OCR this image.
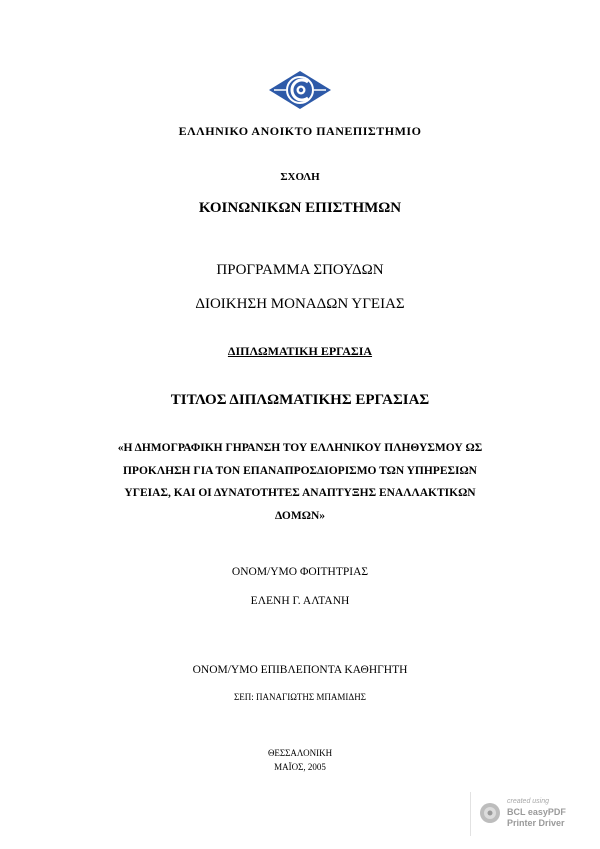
ΕΛΛΗΝΙΚΟ ΑΝΟΙΚΤΟ ΠΑΝΕΠΙΣΤΗΜΙΟ
ΣΧΟΛΗ
ΚΟΙΝΩΝΙΚΩΝ ΕΠΙΣΤΗΜΩΝ
ΠΡΟΓΡΑΜΜΑ ΣΠΟΥΔΩΝ
ΔΙΟΙΚΗΣΗ ΜΟΝΑΔΩΝ ΥΓΕΙΑΣ
ΔΙΠΛΩΜΑΤΙΚΗ ΕΡΓΑΣΙΑ
ΤΙΤΛΟΣ ΔΙΠΛΩΜΑΤΙΚΗΣ ΕΡΓΑΣΙΑΣ
«Η ΔΗΜΟΓΡΑΦΙΚΗ ΓΗΡΑΝΣΗ ΤΟΥ ΕΛΛΗΝΙΚΟΥ ΠΛΗΘΥΣΜΟΥ ΩΣ
ΠΡΟΚΛΗΣΗ ΓΙΑ ΤΟΝ ΕΠΑΝΑΠΡΟΣΔΙΟΡΙΣΜΟ ΤΩΝ ΥΠΗΡΕΣΙΩΝ
ΥΓΕΙΑΣ, ΚΑΙ ΟΙ ΔΥΝΑΤΟΤΗΤΕΣ ΑΝΑΠΤΥΞΗΣ ΕΝΑΛΛΑΚΤΙΚΩΝ
ΔΟΜΩΝ»
ΟΝΟΜ/ΥΜΟ ΦΟΙΤΗΤΡΙΑΣ
ΕΛΕΝΗ Γ. ΑΛΤΑΝΗ
ΟΝΟΜ/ΥΜΟ ΕΠΙΒΛΕΠΟΝΤΑ ΚΑΘΗΓΗΤΗ
ΣΕΠ: ΠΑΝΑΓΙΩΤΗΣ ΜΠΑΜΙΔΗΣ
ΘΕΣΣΑΛΟΝΙΚΗ
ΜΑΪΟΣ, 2005
created using
BCL easyPDF
Printer Driver
